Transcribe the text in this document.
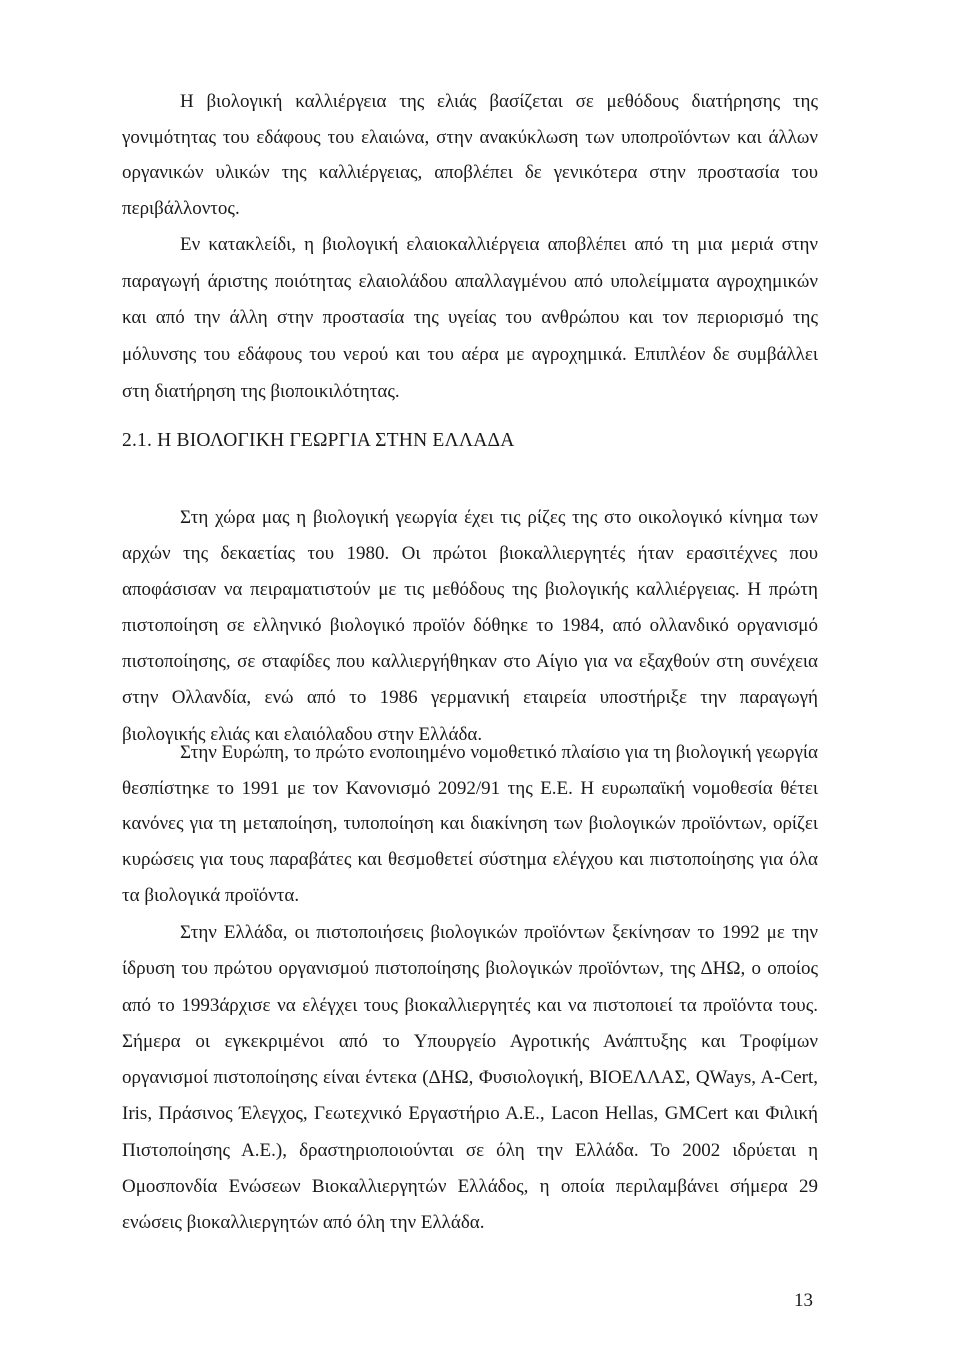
Η βιολογική καλλιέργεια της ελιάς βασίζεται σε μεθόδους διατήρησης της γονιμότητας του εδάφους του ελαιώνα, στην ανακύκλωση των υποπροϊόντων και άλλων οργανικών υλικών της καλλιέργειας, αποβλέπει δε γενικότερα στην προστασία του περιβάλλοντος.

Εν κατακλείδι, η βιολογική ελαιοκαλλιέργεια αποβλέπει από τη μια μεριά στην παραγωγή άριστης ποιότητας ελαιολάδου απαλλαγμένου από υπολείμματα αγροχημικών και από την άλλη στην προστασία της υγείας του ανθρώπου και τον περιορισμό της μόλυνσης του εδάφους του νερού και του αέρα με αγροχημικά. Επιπλέον δε συμβάλλει στη διατήρηση της βιοποικιλότητας.

2.1. Η ΒΙΟΛΟΓΙΚΗ ΓΕΩΡΓΙΑ ΣΤΗΝ ΕΛΛΑΔΑ

Στη χώρα μας η βιολογική γεωργία έχει τις ρίζες της στο οικολογικό κίνημα των αρχών της δεκαετίας του 1980. Οι πρώτοι βιοκαλλιεργητές ήταν ερασιτέχνες που αποφάσισαν να πειραματιστούν με τις μεθόδους της βιολογικής καλλιέργειας. Η πρώτη πιστοποίηση σε ελληνικό βιολογικό προϊόν δόθηκε το 1984, από ολλανδικό οργανισμό πιστοποίησης, σε σταφίδες που καλλιεργήθηκαν στο Αίγιο για να εξαχθούν στη συνέχεια στην Ολλανδία, ενώ από το 1986 γερμανική εταιρεία υποστήριξε την παραγωγή βιολογικής ελιάς και ελαιόλαδου στην Ελλάδα.

Στην Ευρώπη, το πρώτο ενοποιημένο νομοθετικό πλαίσιο για τη βιολογική γεωργία θεσπίστηκε το 1991 με τον Κανονισμό 2092/91 της Ε.Ε. Η ευρωπαϊκή νομοθεσία θέτει κανόνες για τη μεταποίηση, τυποποίηση και διακίνηση των βιολογικών προϊόντων, ορίζει κυρώσεις για τους παραβάτες και θεσμοθετεί σύστημα ελέγχου και πιστοποίησης για όλα τα βιολογικά προϊόντα.

Στην Ελλάδα, οι πιστοποιήσεις βιολογικών προϊόντων ξεκίνησαν το 1992 με την ίδρυση του πρώτου οργανισμού πιστοποίησης βιολογικών προϊόντων, της ΔΗΩ, ο οποίος από το 1993άρχισε να ελέγχει τους βιοκαλλιεργητές και να πιστοποιεί τα προϊόντα τους. Σήμερα οι εγκεκριμένοι από το Υπουργείο Αγροτικής Ανάπτυξης και Τροφίμων οργανισμοί πιστοποίησης είναι έντεκα (ΔΗΩ, Φυσιολογική, ΒΙΟΕΛΛΑΣ, QWays, A-Cert, Iris, Πράσινος Έλεγχος, Γεωτεχνικό Εργαστήριο Α.Ε., Lacon Hellas, GMCert και Φιλική Πιστοποίησης Α.Ε.), δραστηριοποιούνται σε όλη την Ελλάδα. Το 2002 ιδρύεται η Ομοσπονδία Ενώσεων Βιοκαλλιεργητών Ελλάδος, η οποία περιλαμβάνει σήμερα 29 ενώσεις βιοκαλλιεργητών από όλη την Ελλάδα.

13
